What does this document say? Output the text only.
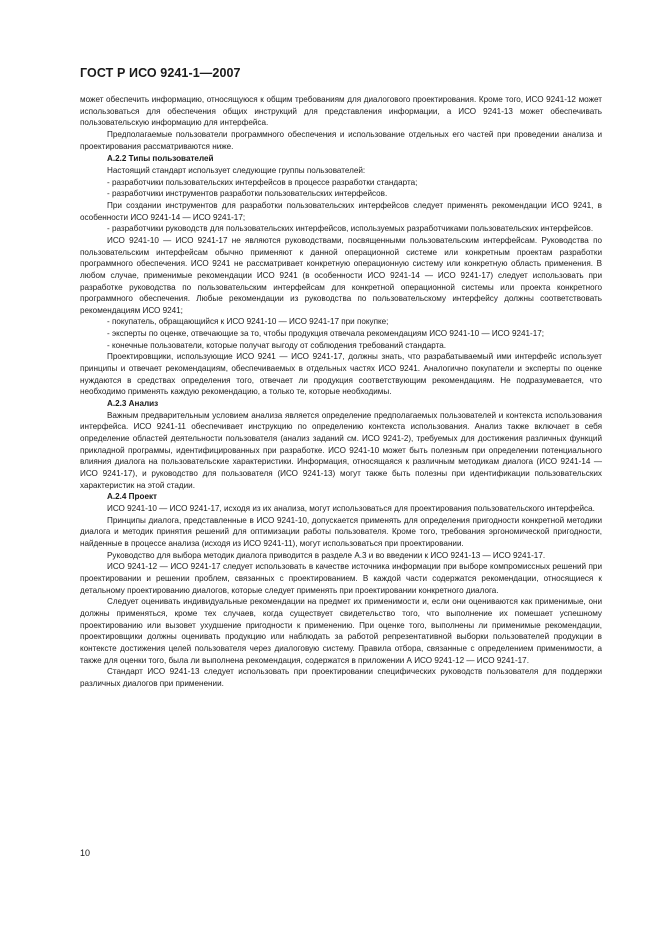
ГОСТ Р ИСО 9241-1—2007

может обеспечить информацию, относящуюся к общим требованиям для диалогового проектирования. Кроме того, ИСО 9241-12 может использоваться для обеспечения общих инструкций для представления информации, а ИСО 9241-13 может обеспечивать пользовательскую информацию для интерфейса.

Предполагаемые пользователи программного обеспечения и использование отдельных его частей при проведении анализа и проектирования рассматриваются ниже.

А.2.2 Типы пользователей

Настоящий стандарт использует следующие группы пользователей:

- разработчики пользовательских интерфейсов в процессе разработки стандарта;

- разработчики инструментов разработки пользовательских интерфейсов.

При создании инструментов для разработки пользовательских интерфейсов следует применять рекомендации ИСО 9241, в особенности ИСО 9241-14 — ИСО 9241-17;

- разработчики руководств для пользовательских интерфейсов, используемых разработчиками пользовательских интерфейсов.

ИСО 9241-10 — ИСО 9241-17 не являются руководствами, посвященными пользовательским интерфейсам. Руководства по пользовательским интерфейсам обычно применяют к данной операционной системе или конкретным проектам разработки программного обеспечения. ИСО 9241 не рассматривает конкретную операционную систему или конкретную область применения. В любом случае, применимые рекомендации ИСО 9241 (в особенности ИСО 9241-14 — ИСО 9241-17) следует использовать при разработке руководства по пользовательским интерфейсам для конкретной операционной системы или проекта конкретного программного обеспечения. Любые рекомендации из руководства по пользовательскому интерфейсу должны соответствовать рекомендациям ИСО 9241;

- покупатель, обращающийся к ИСО 9241-10 — ИСО 9241-17 при покупке;

- эксперты по оценке, отвечающие за то, чтобы продукция отвечала рекомендациям ИСО 9241-10 — ИСО 9241-17;

- конечные пользователи, которые получат выгоду от соблюдения требований стандарта.

Проектировщики, использующие ИСО 9241 — ИСО 9241-17, должны знать, что разрабатываемый ими интерфейс использует принципы и отвечает рекомендациям, обеспечиваемых в отдельных частях ИСО 9241. Аналогично покупатели и эксперты по оценке нуждаются в средствах определения того, отвечает ли продукция соответствующим рекомендациям. Не подразумевается, что необходимо применять каждую рекомендацию, а только те, которые необходимы.

А.2.3 Анализ

Важным предварительным условием анализа является определение предполагаемых пользователей и контекста использования интерфейса. ИСО 9241-11 обеспечивает инструкцию по определению контекста использования. Анализ также включает в себя определение областей деятельности пользователя (анализ заданий см. ИСО 9241-2), требуемых для достижения различных функций прикладной программы, идентифицированных при разработке. ИСО 9241-10 может быть полезным при определении потенциального влияния диалога на пользовательские характеристики. Информация, относящаяся к различным методикам диалога (ИСО 9241-14 — ИСО 9241-17), и руководство для пользователя (ИСО 9241-13) могут также быть полезны при идентификации пользовательских характеристик на этой стадии.

А.2.4 Проект

ИСО 9241-10 — ИСО 9241-17, исходя из их анализа, могут использоваться для проектирования пользовательского интерфейса.

Принципы диалога, представленные в ИСО 9241-10, допускается применять для определения пригодности конкретной методики диалога и методик принятия решений для оптимизации работы пользователя. Кроме того, требования эргономической пригодности, найденные в процессе анализа (исходя из ИСО 9241-11), могут использоваться при проектировании.

Руководство для выбора методик диалога приводится в разделе А.3 и во введении к ИСО 9241-13 — ИСО 9241-17.

ИСО 9241-12 — ИСО 9241-17 следует использовать в качестве источника информации при выборе компромиссных решений при проектировании и решении проблем, связанных с проектированием. В каждой части содержатся рекомендации, относящиеся к детальному проектированию диалогов, которые следует применять при проектировании конкретного диалога.

Следует оценивать индивидуальные рекомендации на предмет их применимости и, если они оцениваются как применимые, они должны применяться, кроме тех случаев, когда существует свидетельство того, что выполнение их помешает успешному проектированию или вызовет ухудшение пригодности к применению. При оценке того, выполнены ли применимые рекомендации, проектировщики должны оценивать продукцию или наблюдать за работой репрезентативной выборки пользователей продукции в контексте достижения целей пользователя через диалоговую систему. Правила отбора, связанные с определением применимости, а также для оценки того, была ли выполнена рекомендация, содержатся в приложении А ИСО 9241-12 — ИСО 9241-17.

Стандарт ИСО 9241-13 следует использовать при проектировании специфических руководств пользователя для поддержки различных диалогов при применении.

10
